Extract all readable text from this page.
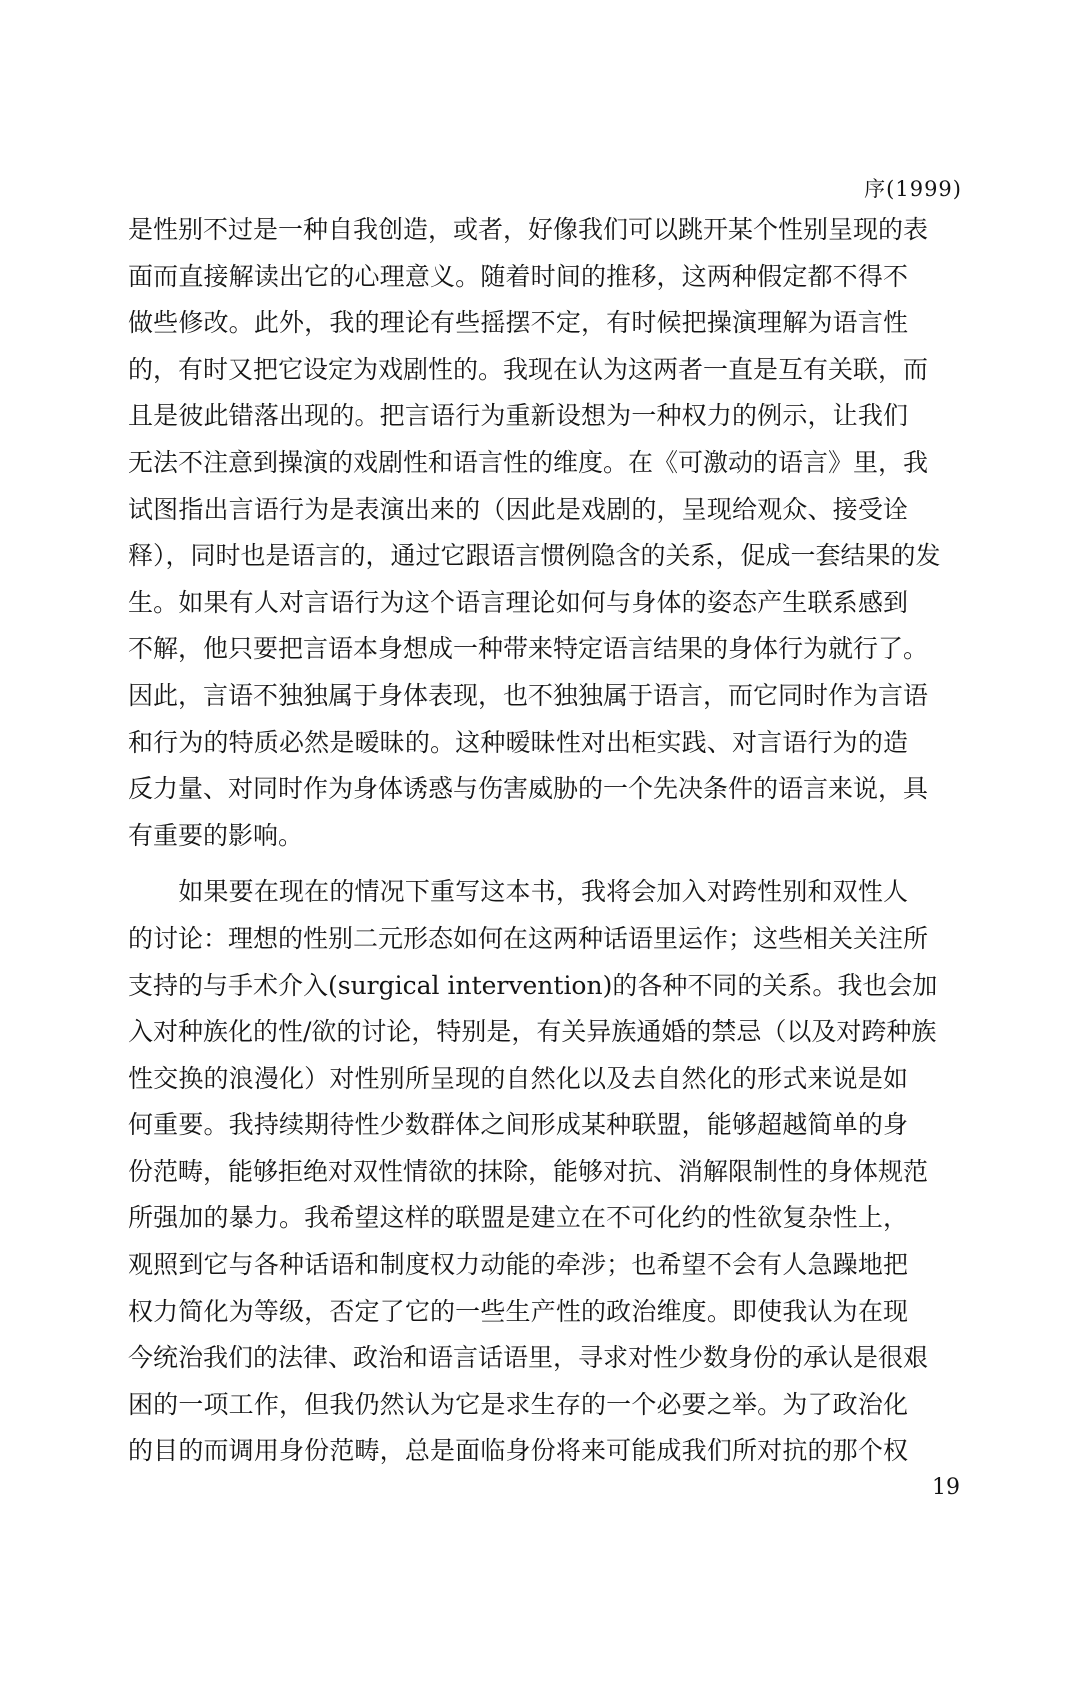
序(1999)
是性别不过是一种自我创造，或者，好像我们可以跳开某个性别呈现的表
面而直接解读出它的心理意义。随着时间的推移，这两种假定都不得不
做些修改。此外，我的理论有些摇摆不定，有时候把操演理解为语言性
的，有时又把它设定为戏剧性的。我现在认为这两者一直是互有关联，而
且是彼此错落出现的。把言语行为重新设想为一种权力的例示，让我们
无法不注意到操演的戏剧性和语言性的维度。在《可激动的语言》里，我
试图指出言语行为是表演出来的（因此是戏剧的，呈现给观众、接受诠
释），同时也是语言的，通过它跟语言惯例隐含的关系，促成一套结果的发
生。如果有人对言语行为这个语言理论如何与身体的姿态产生联系感到
不解，他只要把言语本身想成一种带来特定语言结果的身体行为就行了。
因此，言语不独独属于身体表现，也不独独属于语言，而它同时作为言语
和行为的特质必然是暧昧的。这种暧昧性对出柜实践、对言语行为的造
反力量、对同时作为身体诱惑与伤害威胁的一个先决条件的语言来说，具
有重要的影响。
　　如果要在现在的情况下重写这本书，我将会加入对跨性别和双性人
的讨论：理想的性别二元形态如何在这两种话语里运作；这些相关关注所
支持的与手术介入(surgical intervention)的各种不同的关系。我也会加
入对种族化的性/欲的讨论，特别是，有关异族通婚的禁忌（以及对跨种族
性交换的浪漫化）对性别所呈现的自然化以及去自然化的形式来说是如
何重要。我持续期待性少数群体之间形成某种联盟，能够超越简单的身
份范畴，能够拒绝对双性情欲的抹除，能够对抗、消解限制性的身体规范
所强加的暴力。我希望这样的联盟是建立在不可化约的性欲复杂性上，
观照到它与各种话语和制度权力动能的牵涉；也希望不会有人急躁地把
权力简化为等级，否定了它的一些生产性的政治维度。即使我认为在现
今统治我们的法律、政治和语言话语里，寻求对性少数身份的承认是很艰
困的一项工作，但我仍然认为它是求生存的一个必要之举。为了政治化
的目的而调用身份范畴，总是面临身份将来可能成我们所对抗的那个权
19
